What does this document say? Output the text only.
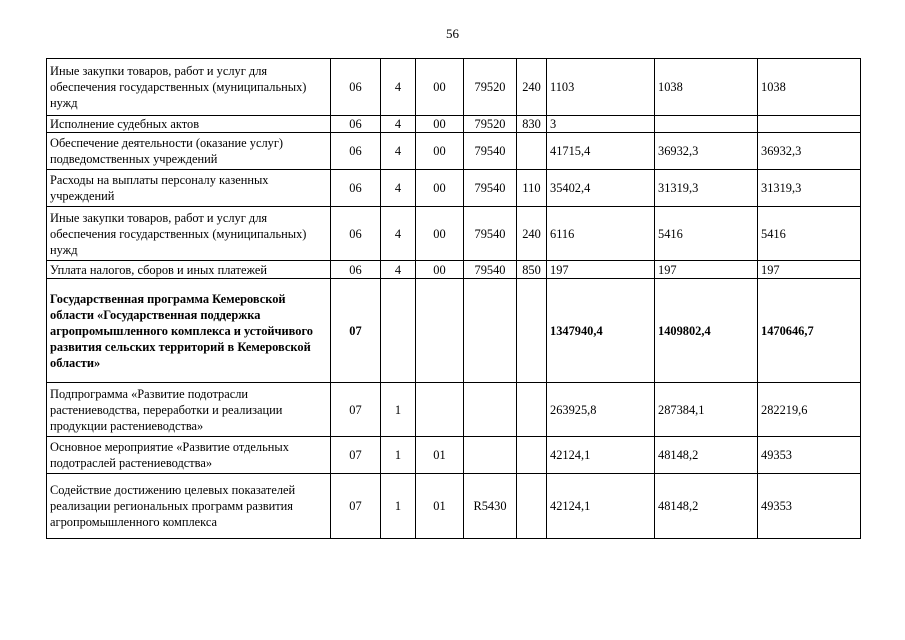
56
Иные закупки товаров, работ и услуг для обеспечения государственных (муниципальных) нужд	06	4	00	79520	240	1103	1038	1038
Исполнение судебных актов	06	4	00	79520	830	3		
Обеспечение деятельности (оказание услуг) подведомственных учреждений	06	4	00	79540		41715,4	36932,3	36932,3
Расходы на выплаты персоналу казенных учреждений	06	4	00	79540	110	35402,4	31319,3	31319,3
Иные закупки товаров, работ и услуг для обеспечения государственных (муниципальных) нужд	06	4	00	79540	240	6116	5416	5416
Уплата налогов, сборов и иных платежей	06	4	00	79540	850	197	197	197
Государственная программа Кемеровской области «Государственная поддержка агропромышленного комплекса и устойчивого развития сельских территорий в Кемеровской области»	07					1347940,4	1409802,4	1470646,7
Подпрограмма «Развитие подотрасли растениеводства, переработки и реализации продукции растениеводства»	07	1				263925,8	287384,1	282219,6
Основное мероприятие «Развитие отдельных подотраслей растениеводства»	07	1	01			42124,1	48148,2	49353
Содействие достижению целевых показателей реализации региональных программ развития агропромышленного комплекса	07	1	01	R5430		42124,1	48148,2	49353
